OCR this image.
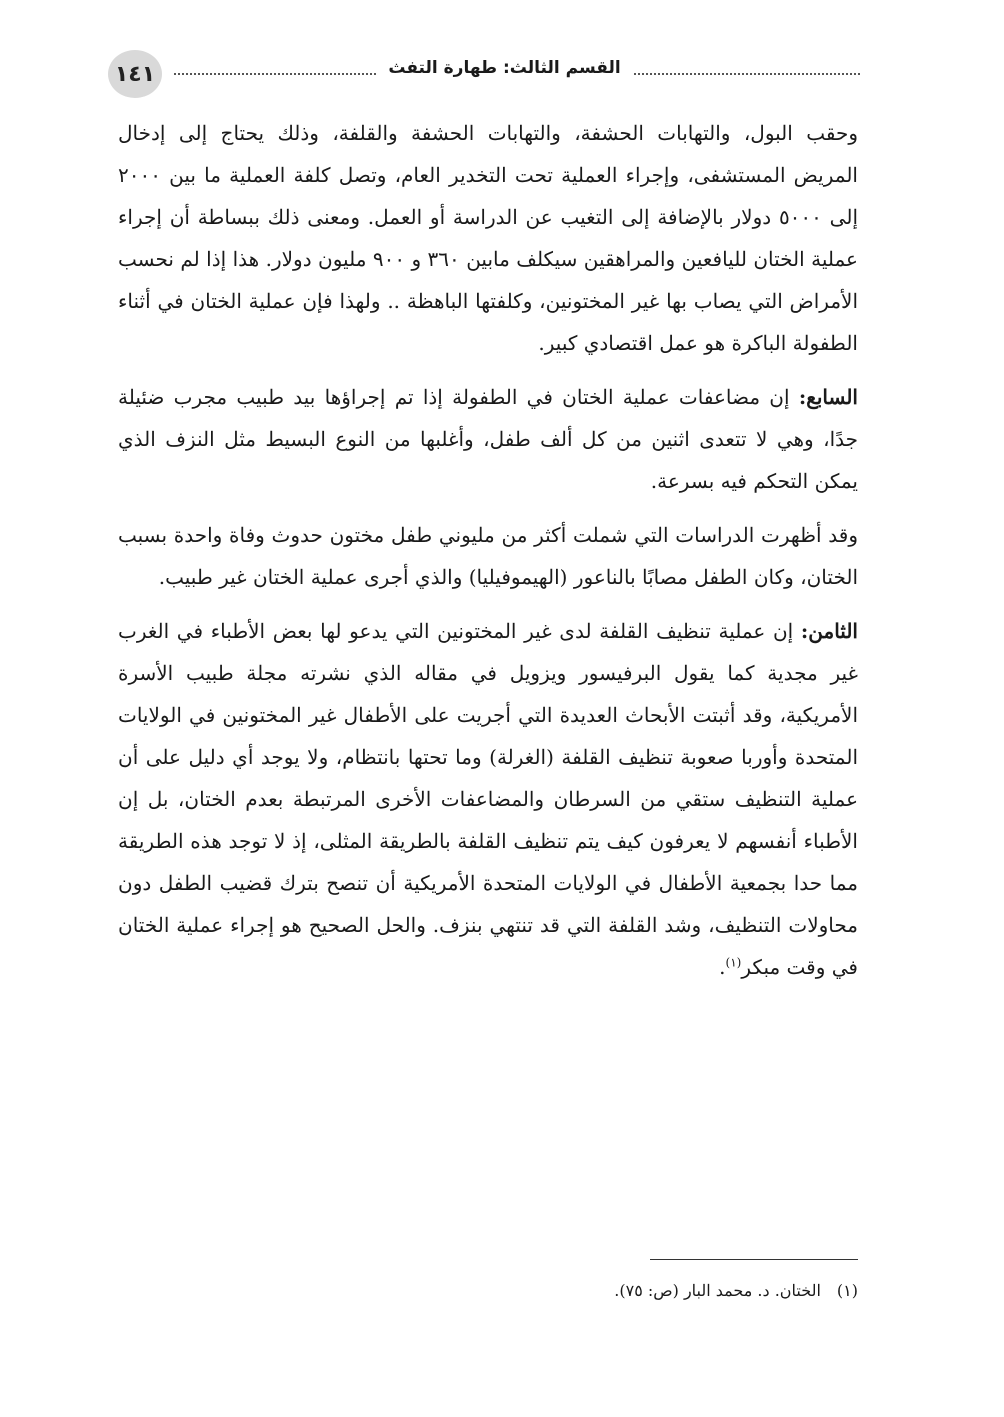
١٤١	القسم الثالث: طهارة التفث

وحقب البول، والتهابات الحشفة، والتهابات الحشفة والقلفة، وذلك يحتاج إلى إدخال المريض المستشفى، وإجراء العملية تحت التخدير العام، وتصل كلفة العملية ما بين ٢٠٠٠ إلى ٥٠٠٠ دولار بالإضافة إلى التغيب عن الدراسة أو العمل. ومعنى ذلك ببساطة أن إجراء عملية الختان لليافعين والمراهقين سيكلف مابين ٣٦٠ و ٩٠٠ مليون دولار. هذا إذا لم نحسب الأمراض التي يصاب بها غير المختونين، وكلفتها الباهظة .. ولهذا فإن عملية الختان في أثناء الطفولة الباكرة هو عمل اقتصادي كبير.

السابع: إن مضاعفات عملية الختان في الطفولة إذا تم إجراؤها بيد طبيب مجرب ضئيلة جدًا، وهي لا تتعدى اثنين من كل ألف طفل، وأغلبها من النوع البسيط مثل النزف الذي يمكن التحكم فيه بسرعة.

وقد أظهرت الدراسات التي شملت أكثر من مليوني طفل مختون حدوث وفاة واحدة بسبب الختان، وكان الطفل مصابًا بالناعور (الهيموفيليا) والذي أجرى عملية الختان غير طبيب.

الثامن: إن عملية تنظيف القلفة لدى غير المختونين التي يدعو لها بعض الأطباء في الغرب غير مجدية كما يقول البرفيسور ويزويل في مقاله الذي نشرته مجلة طبيب الأسرة الأمريكية، وقد أثبتت الأبحاث العديدة التي أجريت على الأطفال غير المختونين في الولايات المتحدة وأوربا صعوبة تنظيف القلفة (الغرلة) وما تحتها بانتظام، ولا يوجد أي دليل على أن عملية التنظيف ستقي من السرطان والمضاعفات الأخرى المرتبطة بعدم الختان، بل إن الأطباء أنفسهم لا يعرفون كيف يتم تنظيف القلفة بالطريقة المثلى، إذ لا توجد هذه الطريقة مما حدا بجمعية الأطفال في الولايات المتحدة الأمريكية أن تنصح بترك قضيب الطفل دون محاولات التنظيف، وشد القلفة التي قد تنتهي بنزف. والحل الصحيح هو إجراء عملية الختان في وقت مبكر$^{(١)}$.

(١)الختان. د. محمد البار (ص: ٧٥).
